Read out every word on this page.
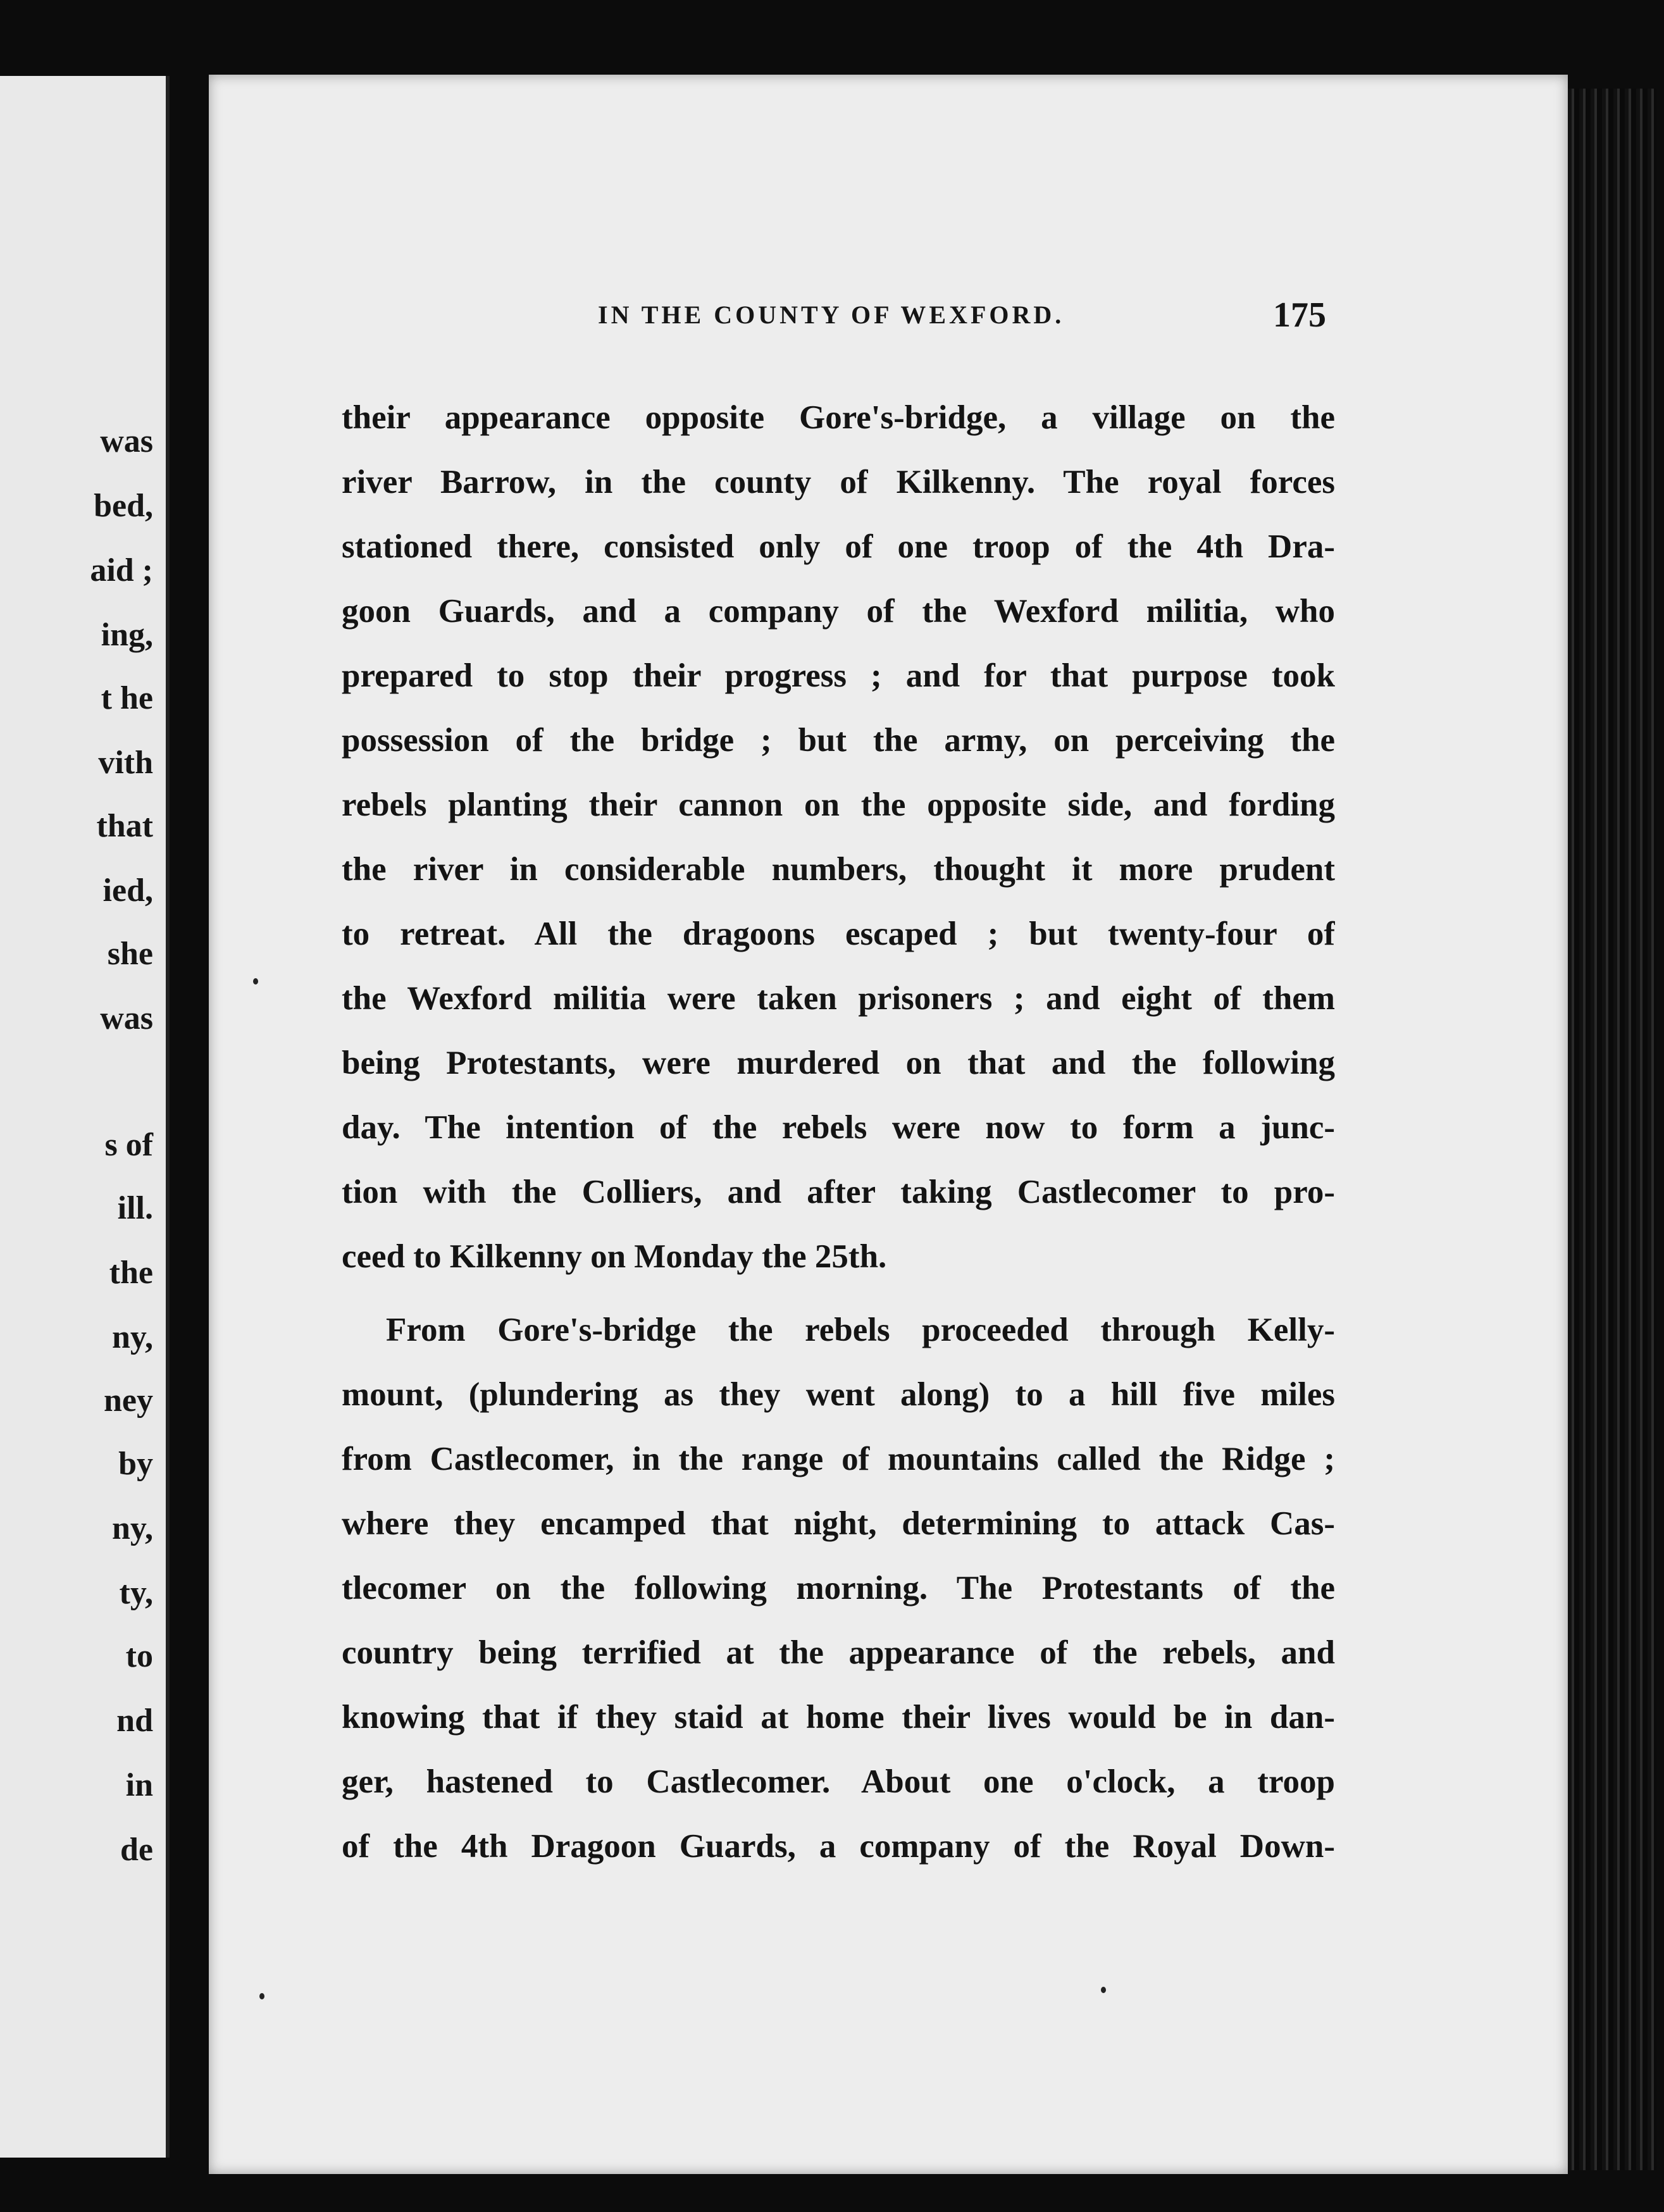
was
bed,
aid ;
ing,
t he
vith
that
ied,
she
was
s of
ill.
the
ny,
ney
by
ny,
ty,
to
nd
in
de
IN THE COUNTY OF WEXFORD.	175
their appearance opposite Gore's-bridge, a village on the
river Barrow, in the county of Kilkenny. The royal forces
stationed there, consisted only of one troop of the 4th Dra-
goon Guards, and a company of the Wexford militia, who
prepared to stop their progress ; and for that purpose took
possession of the bridge ; but the army, on perceiving the
rebels planting their cannon on the opposite side, and fording
the river in considerable numbers, thought it more prudent
to retreat. All the dragoons escaped ; but twenty-four of
the Wexford militia were taken prisoners ; and eight of them
being Protestants, were murdered on that and the following
day. The intention of the rebels were now to form a junc-
tion with the Colliers, and after taking Castlecomer to pro-
ceed to Kilkenny on Monday the 25th.
From Gore's-bridge the rebels proceeded through Kelly-
mount, (plundering as they went along) to a hill five miles
from Castlecomer, in the range of mountains called the Ridge ;
where they encamped that night, determining to attack Cas-
tlecomer on the following morning. The Protestants of the
country being terrified at the appearance of the rebels, and
knowing that if they staid at home their lives would be in dan-
ger, hastened to Castlecomer. About one o'clock, a troop
of the 4th Dragoon Guards, a company of the Royal Down-
